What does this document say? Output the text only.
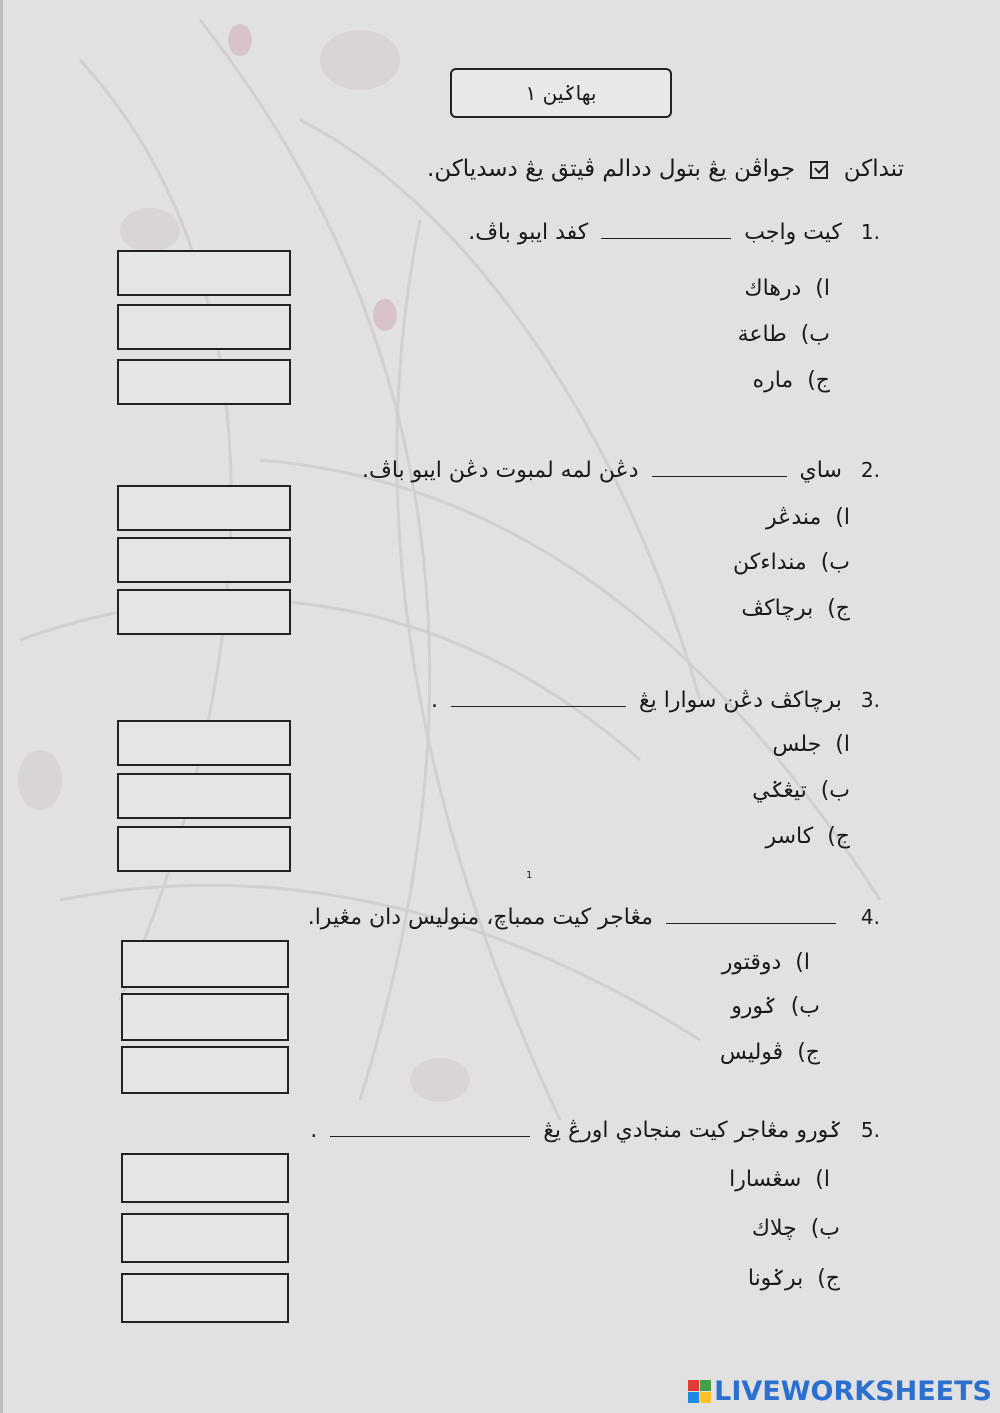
بهاݢين ١
تنداكن  جواڤن يڠ بتول ددالم ڤيتق يڠ دسدياكن.
1. كيت واجب  كفد ايبو باڤ.
ا)درهاك
ب)طاعة
ج)ماره
2. ساي  دڠن لمه لمبوت دڠن ايبو باڤ.
ا)مندڠر
ب)منداءكن
ج)برچاكڤ
3. برچاكڤ دڠن سوارا يڠ  .
ا)جلس
ب)تيڠݢي
ج)كاسر
1
4.  مڠاجر كيت ممباچ، منوليس دان مڠيرا.
ا)دوقتور
ب)ݢورو
ج)ڤوليس
5. ݢورو مڠاجر كيت منجادي اورڠ يڠ  .
ا)سڠسارا
ب)چلاك
ج)برݢونا
LIVEWORKSHEETS
